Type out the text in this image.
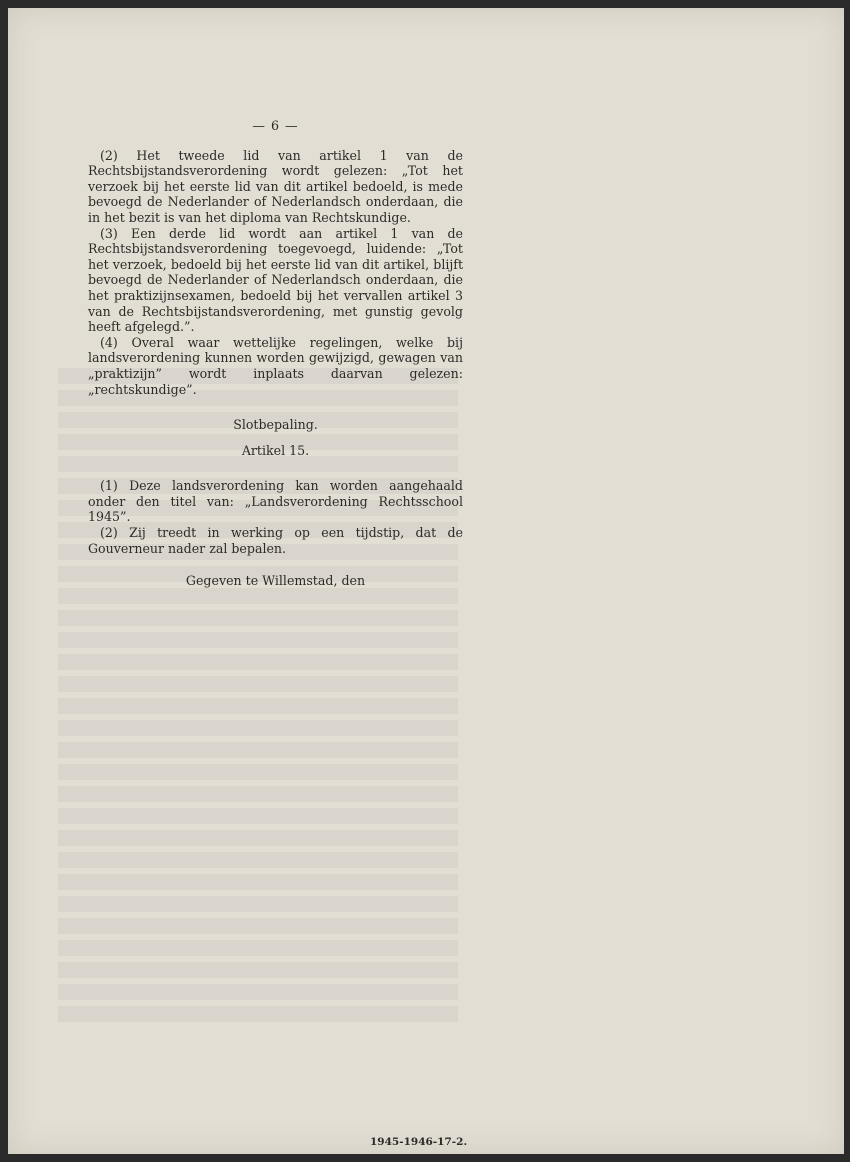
— 6 —

(2) Het tweede lid van artikel 1 van de Rechtsbijstandsverordening wordt gelezen: „Tot het verzoek bij het eerste lid van dit artikel bedoeld, is mede bevoegd de Nederlander of Nederlandsch onderdaan, die in het bezit is van het diploma van Rechtskundige.

(3) Een derde lid wordt aan artikel 1 van de Rechtsbijstandsverordening toegevoegd, luidende: „Tot het verzoek, bedoeld bij het eerste lid van dit artikel, blijft bevoegd de Nederlander of Nederlandsch onderdaan, die het praktizijnsexamen, bedoeld bij het vervallen artikel 3 van de Rechtsbijstandsverordening, met gunstig gevolg heeft afgelegd.”.

(4) Overal waar wettelijke regelingen, welke bij landsverordening kunnen worden gewijzigd, gewagen van „praktizijn” wordt inplaats daarvan gelezen: „rechtskundige”.

Slotbepaling.

Artikel 15.

(1) Deze landsverordening kan worden aangehaald onder den titel van: „Landsverordening Rechtsschool 1945”.

(2) Zij treedt in werking op een tijdstip, dat de Gouverneur nader zal bepalen.

Gegeven te Willemstad, den

1945-1946-17-2.
